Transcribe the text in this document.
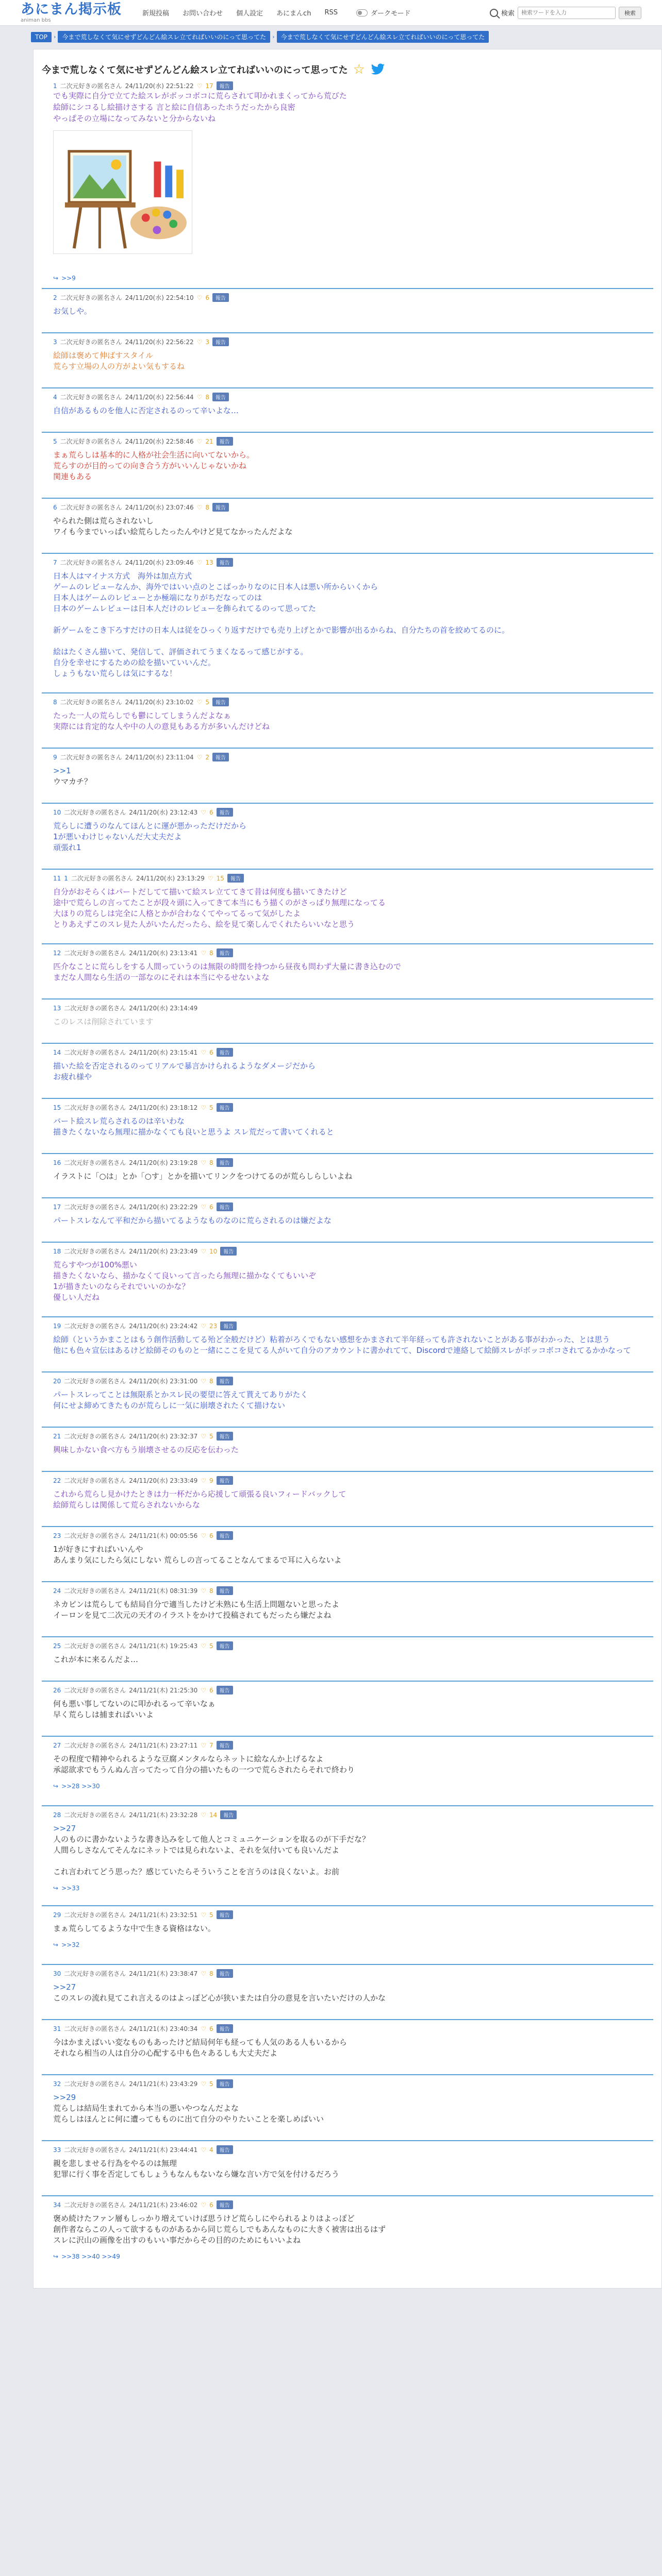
あにまん掲示板
animan bbs
新規投稿 お問い合わせ 個人設定 あにまんch RSS	ダークモード	検索
検索ワードを入力	検索
TOP	›	今まで荒しなくて気にせずどんどん絵スレ立てればいいのにって思ってた	›	今まで荒しなくて気にせずどんどん絵スレ立てればいいのにって思ってた
今まで荒しなくて気にせずどんどん絵スレ立てればいいのにって思ってた ☆
1 二次元好きの匿名さん 24/11/20(水) 22:51:22 ♡ 17	報告
でも実際に自分で立てた絵スレがボッコボコに荒らされて叩かれまくってから荒びた
絵師にシコるし絵描けさする 言と絵に自信あったホうだったから良密
やっぱその立場になってみないと分からないね
↪ >>9
2 二次元好きの匿名さん 24/11/20(水) 22:54:10 ♡ 6	報告
お気しや。
3 二次元好きの匿名さん 24/11/20(水) 22:56:22 ♡ 3	報告
絵師は褒めて伸ばすスタイル
荒らす立場の人の方がよい気もするね
4 二次元好きの匿名さん 24/11/20(水) 22:56:44 ♡ 8	報告
自信があるものを他人に否定されるのって辛いよな…
5 二次元好きの匿名さん 24/11/20(水) 22:58:46 ♡ 21	報告
まぁ荒らしは基本的に人格が社会生活に向いてないから。
荒らすのが目的っての向き合う方がいいんじゃないかね
関連もある
6 二次元好きの匿名さん 24/11/20(水) 23:07:46 ♡ 8	報告
やられた側は荒らされないし
ワイも今までいっぱい絵荒らしたったんやけど見てなかったんだよな
7 二次元好きの匿名さん 24/11/20(水) 23:09:46 ♡ 13	報告
日本人はマイナス方式　海外は加点方式
ゲームのレビューなんか、海外ではいい点のとこばっかりなのに日本人は悪い所からいくから
日本人はゲームのレビューとか極端になりがちだなってのは
日本のゲームレビューは日本人だけのレビューを飾られてるのって思ってた
新ゲームをこき下ろすだけの日本人は従をひっくり返すだけでも売り上げとかで影響が出るからね、自分たちの首を絞めてるのに。
絵はたくさん描いて、発信して、評価されてうまくなるって感じがする。
自分を幸せにするための絵を描いていいんだ。
しょうもない荒らしは気にするな！
8 二次元好きの匿名さん 24/11/20(水) 23:10:02 ♡ 5	報告
たった一人の荒らしでも鬱にしてしまうんだよなぁ
実際には肯定的な人や中の人の意見もある方が多いんだけどね
9 二次元好きの匿名さん 24/11/20(水) 23:11:04 ♡ 2	報告
>>1
ウマカチ？
10 二次元好きの匿名さん 24/11/20(水) 23:12:43 ♡ 6	報告
荒らしに遭うのなんてほんとに運が悪かっただけだから
1が悪いわけじゃないんだ大丈夫だよ
頑張れ1
11 1 二次元好きの匿名さん 24/11/20(水) 23:13:29 ♡ 15	報告
自分がおそらくはパートだしてて描いて絵スレ立ててきて昔は何度も描いてきたけど
途中で荒らしの言ってたことが段々頭に入ってきて本当にもう描くのがさっぱり無理になってる
大ほりの荒らしは完全に人格とかが合わなくてやってるって気がしたよ
とりあえずこのスレ見た人がいたんだったら、絵を見て楽しんでくれたらいいなと思う
12 二次元好きの匿名さん 24/11/20(水) 23:13:41 ♡ 8	報告
匹介なことに荒らしをする人間っていうのは無限の時間を持つから昼夜も問わず大量に書き込むので
まだな人間なら生活の一部なのにそれは本当にやるせないよな
13 二次元好きの匿名さん 24/11/20(水) 23:14:49
このレスは削除されています
14 二次元好きの匿名さん 24/11/20(水) 23:15:41 ♡ 6	報告
描いた絵を否定されるのってリアルで暴言かけられるようなダメージだから
お疲れ様や
15 二次元好きの匿名さん 24/11/20(水) 23:18:12 ♡ 5	報告
バート絵スレ荒らされるのは辛いわな
描きたくないなら無理に描かなくても良いと思うよ スレ荒だって書いてくれると
16 二次元好きの匿名さん 24/11/20(水) 23:19:28 ♡ 8	報告
イラストに「○は」とか「○す」とかを描いてリンクをつけてるのが荒らしらしいよね
17 二次元好きの匿名さん 24/11/20(水) 23:22:29 ♡ 6	報告
パートスレなんて平和だから描いてるようなものなのに荒らされるのは嫌だよな
18 二次元好きの匿名さん 24/11/20(水) 23:23:49 ♡ 10	報告
荒らすやつが100%悪い
描きたくないなら、描かなくて良いって言ったら無理に描かなくてもいいぞ
1が描きたいのならそれでいいのかな？
優しい人だね
19 二次元好きの匿名さん 24/11/20(水) 23:24:42 ♡ 23	報告
絵師（というかまことはもう創作活動してる殆ど全般だけど）粘着がろくでもない感想をかまされて半年経っても許されないことがある事がわかった、とは思う
他にも色々宣伝はあるけど絵師そのものと一緒にここを見てる人がいて自分のアカウントに書かれてて、Discordで連絡して絵師スレがボッコボコされてるかかなって
20 二次元好きの匿名さん 24/11/20(水) 23:31:00 ♡ 8	報告
パートスレってことは無限系とかスレ民の要望に答えて貰えてありがたく
何にせよ締めてきたものが荒らしに一気に崩壊されたくて描けない
21 二次元好きの匿名さん 24/11/20(水) 23:32:37 ♡ 5	報告
興味しかない食べ方もう崩壊させるの反応を伝わった
22 二次元好きの匿名さん 24/11/20(水) 23:33:49 ♡ 9	報告
これから荒らし見かけたときは力一杯だから応援して頑張る良いフィードバックして
絵師荒らしは関係して荒らされないからな
23 二次元好きの匿名さん 24/11/21(木) 00:05:56 ♡ 6	報告
1が好きにすればいいんや
あんまり気にしたら気にしない 荒らしの言ってることなんてまるで耳に入らないよ
24 二次元好きの匿名さん 24/11/21(木) 08:31:39 ♡ 8	報告
ネカピンは荒らしても結局自分で適当したけど未熟にも生活上問題ないと思ったよ
イーロンを見て二次元の天才のイラストをかけて投稿されてもだったら嫌だよね
25 二次元好きの匿名さん 24/11/21(木) 19:25:43 ♡ 5	報告
これが本に来るんだよ…
26 二次元好きの匿名さん 24/11/21(木) 21:25:30 ♡ 6	報告
何も悪い事してないのに叩かれるって辛いなぁ
早く荒らしは捕まればいいよ
27 二次元好きの匿名さん 24/11/21(木) 23:27:11 ♡ 7	報告
その程度で精神やられるような豆腐メンタルならネットに絵なんか上げるなよ
承認欲求でもうんぬん言ってたって自分の描いたもの一つで荒らされたらそれで終わり
↪ >>28 >>30
28 二次元好きの匿名さん 24/11/21(木) 23:32:28 ♡ 14	報告
>>27
人のものに書かないような書き込みをして他人とコミュニケーションを取るのが下手だな？
人間らしさなんてそんなにネットでは見られないよ、それを気付いても良いんだよ
これ言われてどう思った？感じていたらそういうことを言うのは良くないよ。お前
↪ >>33
29 二次元好きの匿名さん 24/11/21(木) 23:32:51 ♡ 5	報告
まぁ荒らしてるような中で生きる資格はない。
↪ >>32
30 二次元好きの匿名さん 24/11/21(木) 23:38:47 ♡ 8	報告
>>27
このスレの流れ見てこれ言えるのはよっぽど心が狭いまたは自分の意見を言いたいだけの人かな
31 二次元好きの匿名さん 24/11/21(木) 23:40:34 ♡ 6	報告
今はかまえばいい変なものもあったけど結局何年も経っても人気のある人もいるから
それなら相当の人は自分の心配する中も色々あるしも大丈夫だよ
32 二次元好きの匿名さん 24/11/21(木) 23:43:29 ♡ 5	報告
>>29
荒らしは結局生まれてから本当の悪いやつなんだよな
荒らしはほんとに何に遭ってもものに出て自分のやりたいことを楽しめばいい
33 二次元好きの匿名さん 24/11/21(木) 23:44:41 ♡ 4	報告
親を悲しませる行為をやるのは無理
犯罪に行く事を否定してもしょうもなんもないなら嫌な言い方で気を付けるだろう
34 二次元好きの匿名さん 24/11/21(木) 23:46:02 ♡ 6	報告
褒め続けたファン層もしっかり増えていけば思うけど荒らしにやられるよりはよっぽど
創作者ならこの人って欲するものがあるから同じ荒らしでもあんなものに大きく被害は出るはず
スレに沢山の画像を出すのもいい事だからその目的のためにもいいよね
↪ >>38 >>40 >>49
